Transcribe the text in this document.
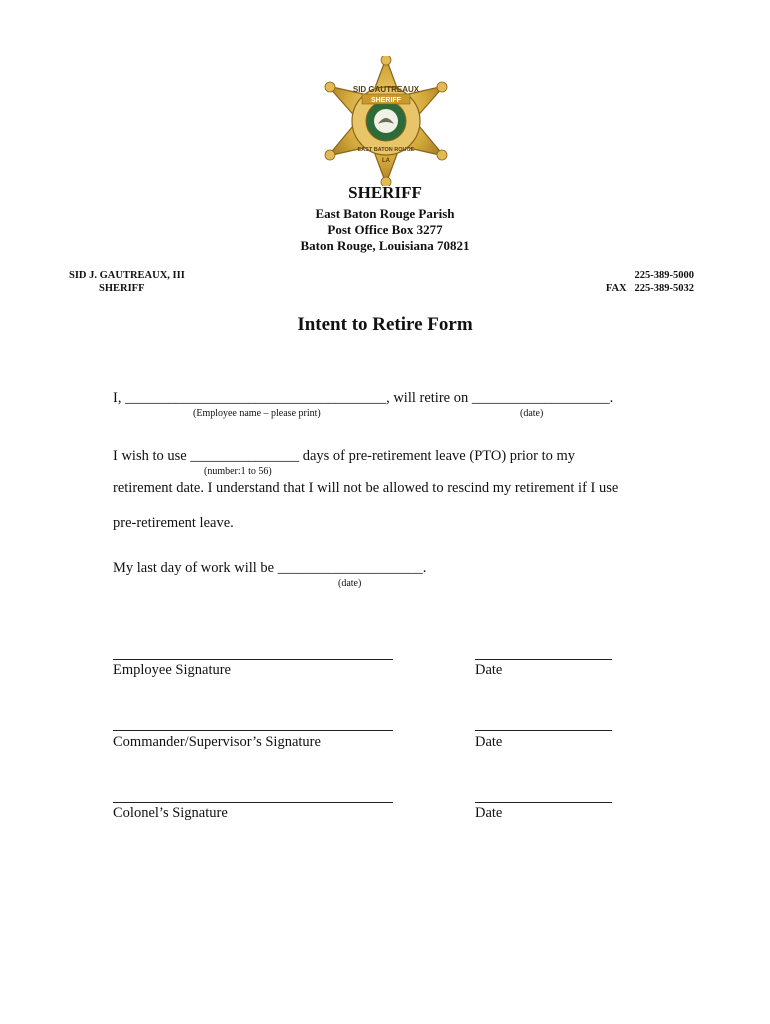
SID GAUTREAUX
SHERIFF
EAST BATON ROUGE
LA
SHERIFF
East Baton Rouge Parish
Post Office Box 3277
Baton Rouge, Louisiana 70821
SID J. GAUTREAUX, III
SHERIFF
225-389-5000
FAX   225-389-5032
Intent to Retire Form
I, ____________________________________, will retire on ___________________.
(Employee name – please print)	(date)
I wish to use _______________ days of pre-retirement leave (PTO) prior to my
(number:1 to 56)
retirement date. I understand that I will not be allowed to rescind my retirement if I use
pre-retirement leave.
My last day of work will be ____________________.
(date)
Employee Signature	Date
Commander/Supervisor’s Signature	Date
Colonel’s Signature	Date
